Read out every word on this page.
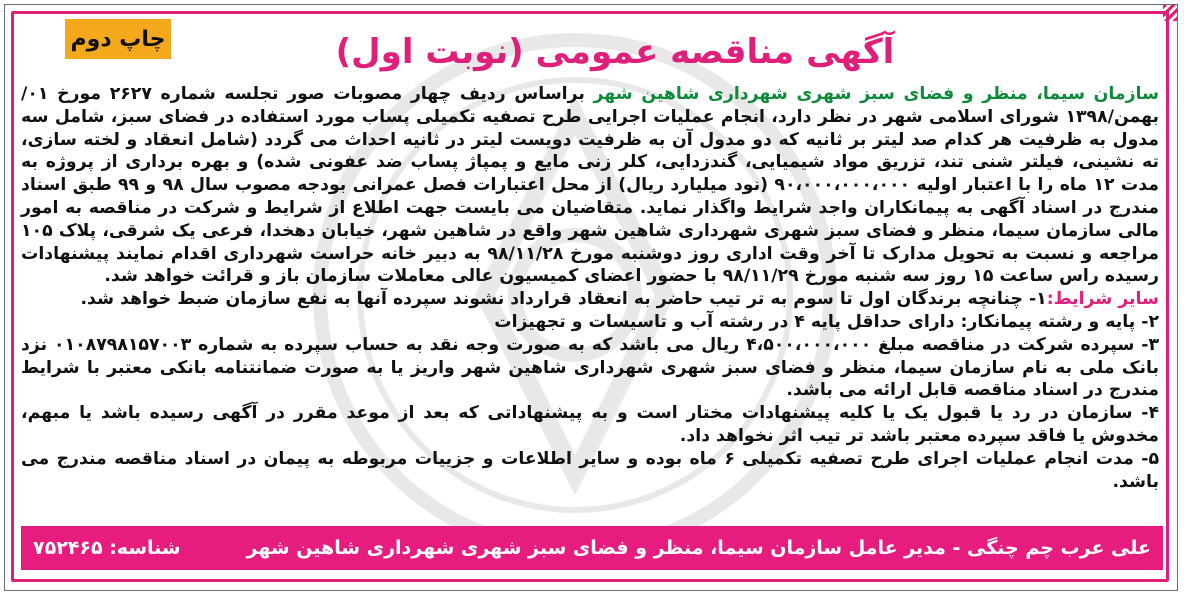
چاپ دوم	آگهی مناقصه عمومی (نوبت اول)

سازمان سیما، منظر و فضای سبز شهری شهرداری شاهین شهر براساس ردیف چهار مصوبات صور تجلسه شماره ۲۶۲۷ مورخ ۰۱/بهمن/۱۳۹۸ شورای اسلامی شهر در نظر دارد، انجام عملیات اجرایی طرح تصفیه تکمیلی پساب مورد استفاده در فضای سبز، شامل سه مدول به ظرفیت هر کدام صد لیتر بر ثانیه که دو مدول آن به ظرفیت دویست لیتر در ثانیه احداث می گردد (شامل انعقاد و لخته سازی، ته نشینی، فیلتر شنی تند، تزریق مواد شیمیایی، گندزدایی، کلر زنی مایع و پمپاژ پساب ضد عفونی شده) و بهره برداری از پروژه به مدت ۱۲ ماه را با اعتبار اولیه ۹۰،۰۰۰،۰۰۰،۰۰۰ (نود میلیارد ریال) از محل اعتبارات فصل عمرانی بودجه مصوب سال ۹۸ و ۹۹ طبق اسناد مندرج در اسناد آگهی به پیمانکاران واجد شرایط واگذار نماید. متقاضیان می بایست جهت اطلاع از شرایط و شرکت در مناقصه به امور مالی سازمان سیما، منظر و فضای سبز شهری شهرداری شاهین شهر واقع در شاهین شهر، خیابان دهخدا، فرعی یک شرقی، پلاک ۱۰۵ مراجعه و نسبت به تحویل مدارک تا آخر وقت اداری روز دوشنبه مورخ ۹۸/۱۱/۲۸ به دبیر خانه حراست شهرداری اقدام نمایند پیشنهادات رسیده راس ساعت ۱۵ روز سه شنبه مورخ ۹۸/۱۱/۲۹ با حضور اعضای کمیسیون عالی معاملات سازمان باز و قرائت خواهد شد.

سایر شرایط:۱- چنانچه برندگان اول تا سوم به تر تیب حاضر به انعقاد قرارداد نشوند سپرده آنها به نفع سازمان ضبط خواهد شد.

۲- پایه و رشته پیمانکار: دارای حداقل پایه ۴ در رشته آب و تاسیسات و تجهیزات

۳- سپرده شرکت در مناقصه مبلغ ۴،۵۰۰،۰۰۰،۰۰۰ ریال می باشد که به صورت وجه نقد به حساب سپرده به شماره ۰۱۰۸۷۹۸۱۵۷۰۰۳ نزد بانک ملی به نام سازمان سیما، منظر و فضای سبز شهری شهرداری شاهین شهر واریز یا به صورت ضمانتنامه بانکی معتبر با شرایط مندرج در اسناد مناقصه قابل ارائه می باشد.

۴- سازمان در رد یا قبول یک یا کلیه پیشنهادات مختار است و به پیشنهاداتی که بعد از موعد مقرر در آگهی رسیده باشد یا مبهم، مخدوش یا فاقد سپرده معتبر باشد تر تیب اثر نخواهد داد.

۵- مدت انجام عملیات اجرای طرح تصفیه تکمیلی ۶ ماه بوده و سایر اطلاعات و جزییات مربوطه به پیمان در اسناد مناقصه مندرج می باشد.

علی عرب چم چنگی - مدیر عامل سازمان سیما، منظر و فضای سبز شهری شهرداری شاهین شهر
شناسه: ۷۵۲۴۶۵
